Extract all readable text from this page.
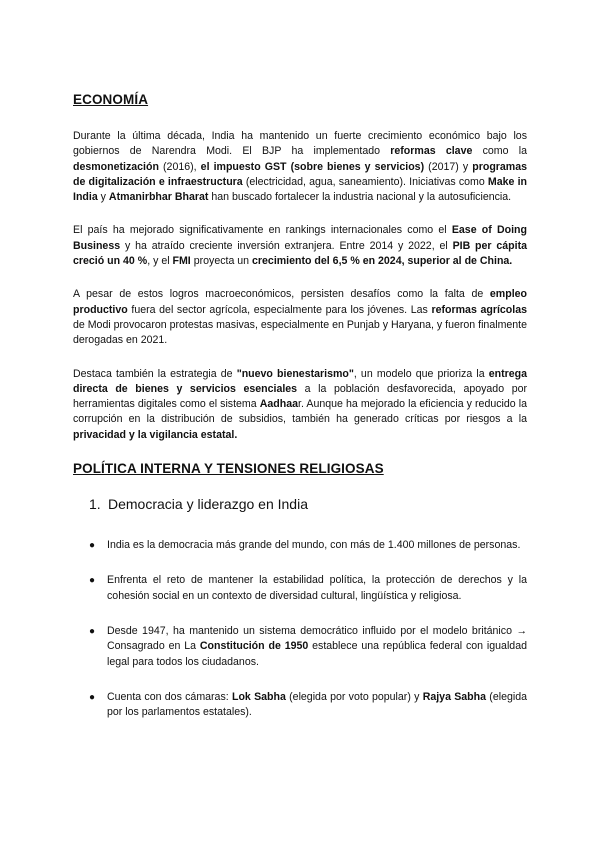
ECONOMÍA
Durante la última década, India ha mantenido un fuerte crecimiento económico bajo los gobiernos de Narendra Modi. El BJP ha implementado reformas clave como la desmonetización (2016), el impuesto GST (sobre bienes y servicios) (2017) y programas de digitalización e infraestructura (electricidad, agua, saneamiento). Iniciativas como Make in India y Atmanirbhar Bharat han buscado fortalecer la industria nacional y la autosuficiencia.
El país ha mejorado significativamente en rankings internacionales como el Ease of Doing Business y ha atraído creciente inversión extranjera. Entre 2014 y 2022, el PIB per cápita creció un 40 %, y el FMI proyecta un crecimiento del 6,5 % en 2024, superior al de China.
A pesar de estos logros macroeconómicos, persisten desafíos como la falta de empleo productivo fuera del sector agrícola, especialmente para los jóvenes. Las reformas agrícolas de Modi provocaron protestas masivas, especialmente en Punjab y Haryana, y fueron finalmente derogadas en 2021.
Destaca también la estrategia de "nuevo bienestarismo", un modelo que prioriza la entrega directa de bienes y servicios esenciales a la población desfavorecida, apoyado por herramientas digitales como el sistema Aadhaar. Aunque ha mejorado la eficiencia y reducido la corrupción en la distribución de subsidios, también ha generado críticas por riesgos a la privacidad y la vigilancia estatal.
POLÍTICA INTERNA Y TENSIONES RELIGIOSAS
1. Democracia y liderazgo en India
● India es la democracia más grande del mundo, con más de 1.400 millones de personas.
● Enfrenta el reto de mantener la estabilidad política, la protección de derechos y la cohesión social en un contexto de diversidad cultural, lingüística y religiosa.
● Desde 1947, ha mantenido un sistema democrático influido por el modelo británico → Consagrado en La Constitución de 1950 establece una república federal con igualdad legal para todos los ciudadanos.
● Cuenta con dos cámaras: Lok Sabha (elegida por voto popular) y Rajya Sabha (elegida por los parlamentos estatales).
